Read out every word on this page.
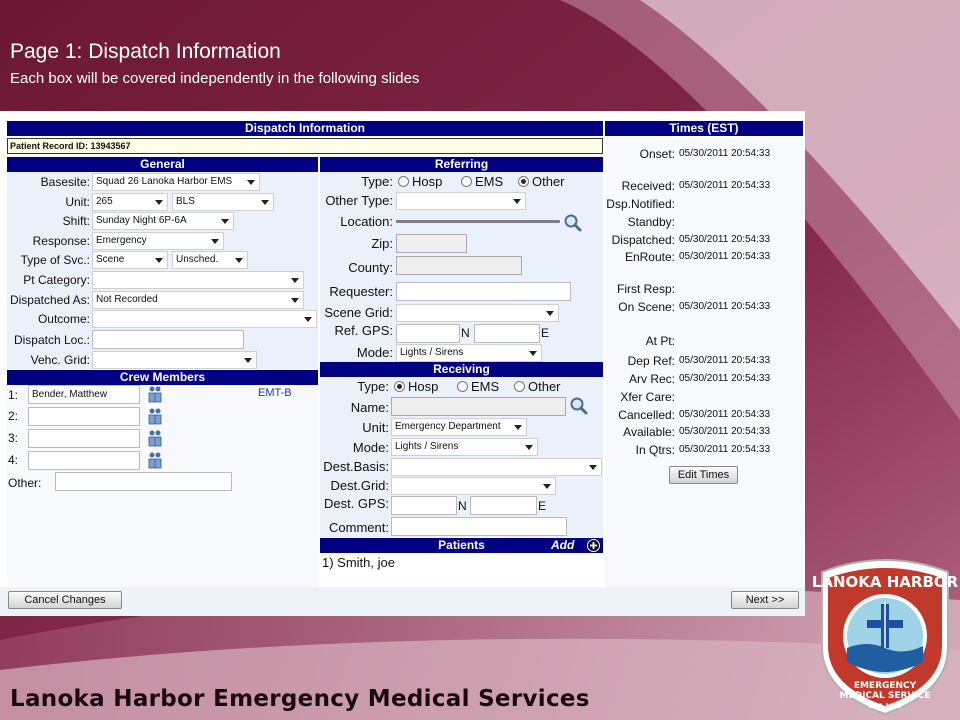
Page 1: Dispatch Information
Each box will be covered independently in the following slides
Dispatch Information	Times (EST)
Patient Record ID: 13943567
General
Basesite: Squad 26 Lanoka Harbor EMS
Unit: 265	BLS
Shift: Sunday Night 6P-6A
Response: Emergency
Type of Svc.: Scene	Unsched.
Pt Category:
Dispatched As: Not Recorded
Outcome:
Dispatch Loc.:
Vehc. Grid:
Crew Members
1:	Bender, Matthew	EMT-B
2:
3:
4:
Other:
Referring
Type:	Hosp	EMS	Other
Other Type:
Location:
Zip:
County:
Requester:
Scene Grid:
Ref. GPS:	N	E
Mode: Lights / Sirens
Receiving
Type:	Hosp	EMS	Other
Name:
Unit: Emergency Department
Mode: Lights / Sirens
Dest.Basis:
Dest.Grid:
Dest. GPS:	N	E
Comment:
Patients	Add
1) Smith, joe
Onset: 05/30/2011 20:54:33
Received: 05/30/2011 20:54:33
Dsp.Notified:
Standby:
Dispatched: 05/30/2011 20:54:33
EnRoute: 05/30/2011 20:54:33
First Resp:
On Scene: 05/30/2011 20:54:33
At Pt:
Dep Ref: 05/30/2011 20:54:33
Arv Rec: 05/30/2011 20:54:33
Xfer Care:
Cancelled: 05/30/2011 20:54:33
Available: 05/30/2011 20:54:33
In Qtrs: 05/30/2011 20:54:33
Edit Times
Cancel Changes	Next >>
Lanoka Harbor Emergency Medical Services
LANOKA HARBOR
EMERGENCY
MEDICAL SERVICE
ORG.1979
